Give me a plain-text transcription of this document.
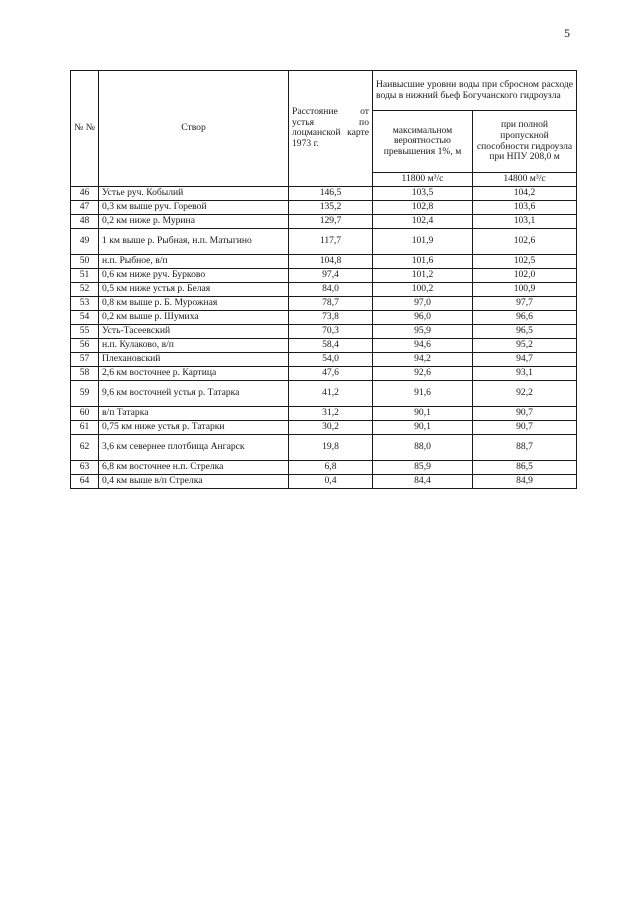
5
№ №	Створ	Расстояние от устья по лоцманской карте 1973 г.	Наивысшие уровни воды при сбросном расходе воды в нижний бьеф Богучанского гидроузла	
			максимальном вероятностью превышения 1%, м	при полной пропускной способности гидроузла при НПУ 208,0 м
			11800 м³/с	14800 м³/с
46	Устье руч. Кобылий	146,5	103,5	104,2
47	0,3 км выше руч. Горевой	135,2	102,8	103,6
48	0,2 км ниже р. Мурина	129,7	102,4	103,1
49	1 км выше р. Рыбная, н.п. Матыгино	117,7	101,9	102,6
50	н.п. Рыбное, в/п	104,8	101,6	102,5
51	0,6 км ниже руч. Бурково	97,4	101,2	102,0
52	0,5 км ниже устья р. Белая	84,0	100,2	100,9
53	0,8 км выше р. Б. Мурожная	78,7	97,0	97,7
54	0,2 км выше р. Шумиха	73,8	96,0	96,6
55	Усть-Тасеевский	70,3	95,9	96,5
56	н.п. Кулаково, в/п	58,4	94,6	95,2
57	Плехановский	54,0	94,2	94,7
58	2,6 км восточнее р. Картица	47,6	92,6	93,1
59	9,6 км восточней устья р. Татарка	41,2	91,6	92,2
60	в/п Татарка	31,2	90,1	90,7
61	0,75 км ниже устья р. Татарки	30,2	90,1	90,7
62	3,6 км севернее плотбища Ангарск	19,8	88,0	88,7
63	6,8 км восточнее н.п. Стрелка	6,8	85,9	86,5
64	0,4 км выше в/п Стрелка	0,4	84,4	84,9
